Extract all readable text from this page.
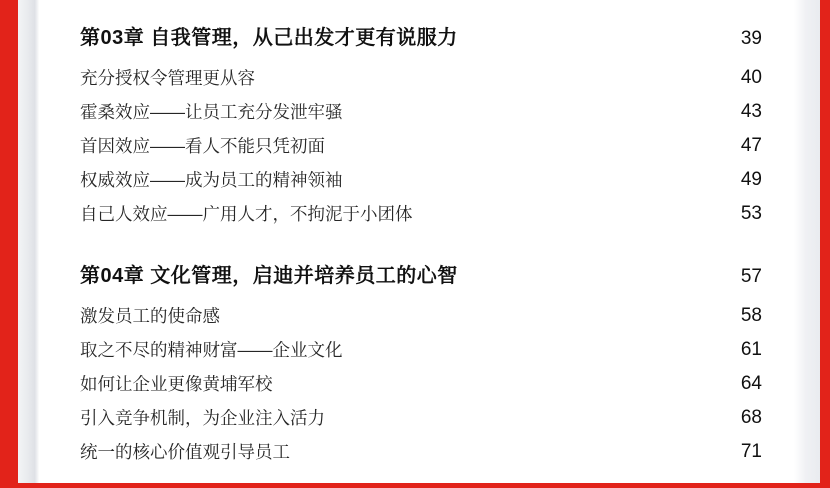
第03章 自我管理，从己出发才更有说服力	39
充分授权令管理更从容	40
霍桑效应——让员工充分发泄牢骚	43
首因效应——看人不能只凭初面	47
权威效应——成为员工的精神领袖	49
自己人效应——广用人才，不拘泥于小团体	53
第04章 文化管理，启迪并培养员工的心智	57
激发员工的使命感	58
取之不尽的精神财富——企业文化	61
如何让企业更像黄埔军校	64
引入竞争机制，为企业注入活力	68
统一的核心价值观引导员工	71
